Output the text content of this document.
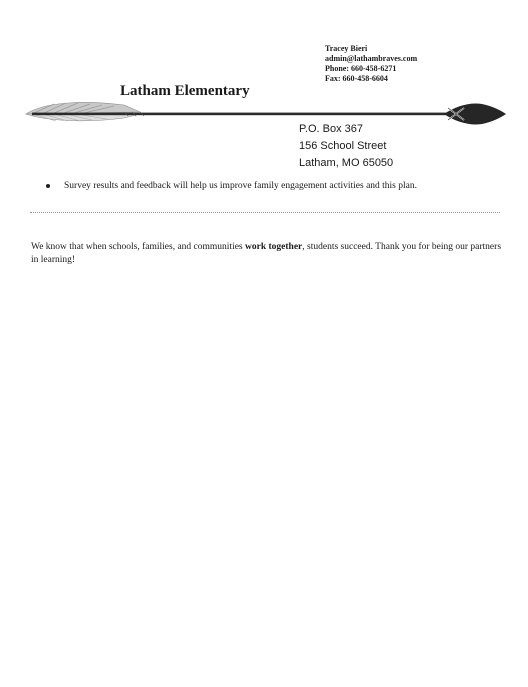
Tracey Bieri
admin@lathambraves.com
Phone: 660-458-6271
Fax: 660-458-6604
Latham Elementary
P.O. Box 367
156 School Street
Latham, MO 65050
Survey results and feedback will help us improve family engagement activities and this plan.
We know that when schools, families, and communities work together, students succeed. Thank you for being our partners in learning!
